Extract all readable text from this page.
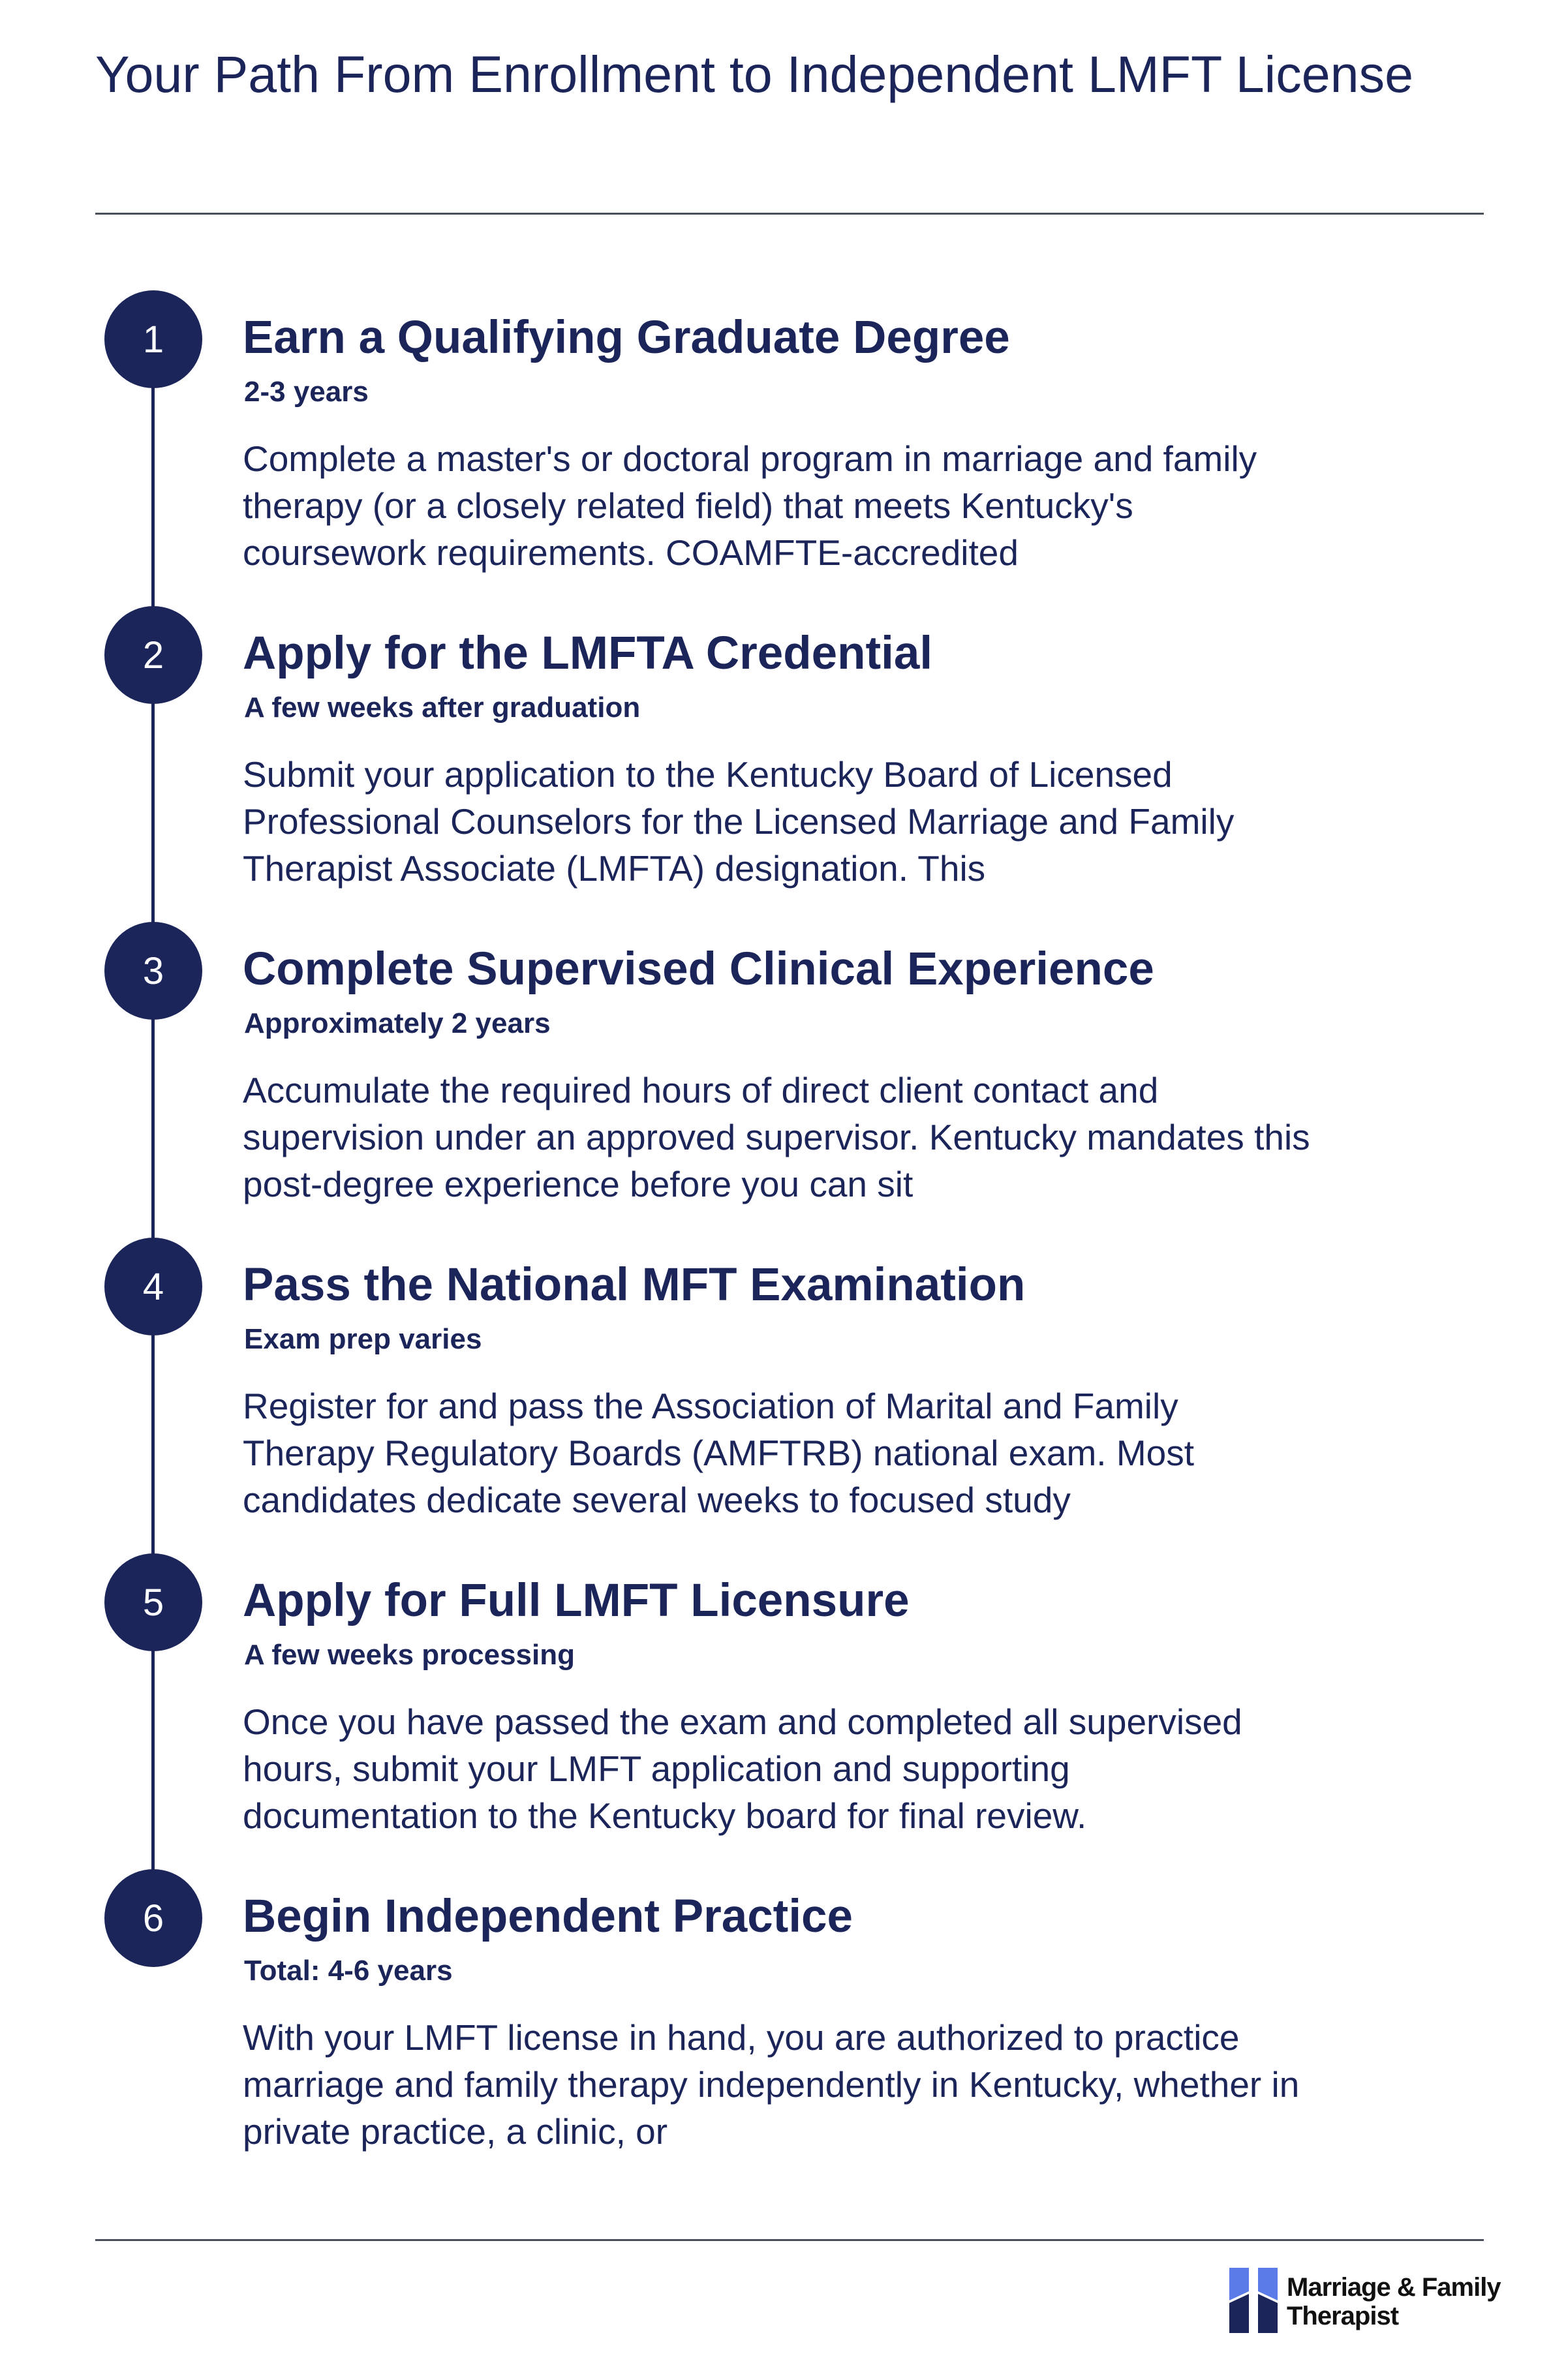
Your Path From Enrollment to Independent LMFT License
1	Earn a Qualifying Graduate Degree
2-3 years

Complete a master's or doctoral program in marriage and family therapy (or a closely related field) that meets Kentucky's coursework requirements. COAMFTE-accredited

2	Apply for the LMFTA Credential
A few weeks after graduation

Submit your application to the Kentucky Board of Licensed Professional Counselors for the Licensed Marriage and Family Therapist Associate (LMFTA) designation. This

3	Complete Supervised Clinical Experience
Approximately 2 years

Accumulate the required hours of direct client contact and supervision under an approved supervisor. Kentucky mandates this post-degree experience before you can sit

4	Pass the National MFT Examination
Exam prep varies

Register for and pass the Association of Marital and Family Therapy Regulatory Boards (AMFTRB) national exam. Most candidates dedicate several weeks to focused study

5	Apply for Full LMFT Licensure
A few weeks processing

Once you have passed the exam and completed all supervised hours, submit your LMFT application and supporting documentation to the Kentucky board for final review.

6	Begin Independent Practice
Total: 4-6 years

With your LMFT license in hand, you are authorized to practice marriage and family therapy independently in Kentucky, whether in private practice, a clinic, or

Marriage & Family
Therapist
